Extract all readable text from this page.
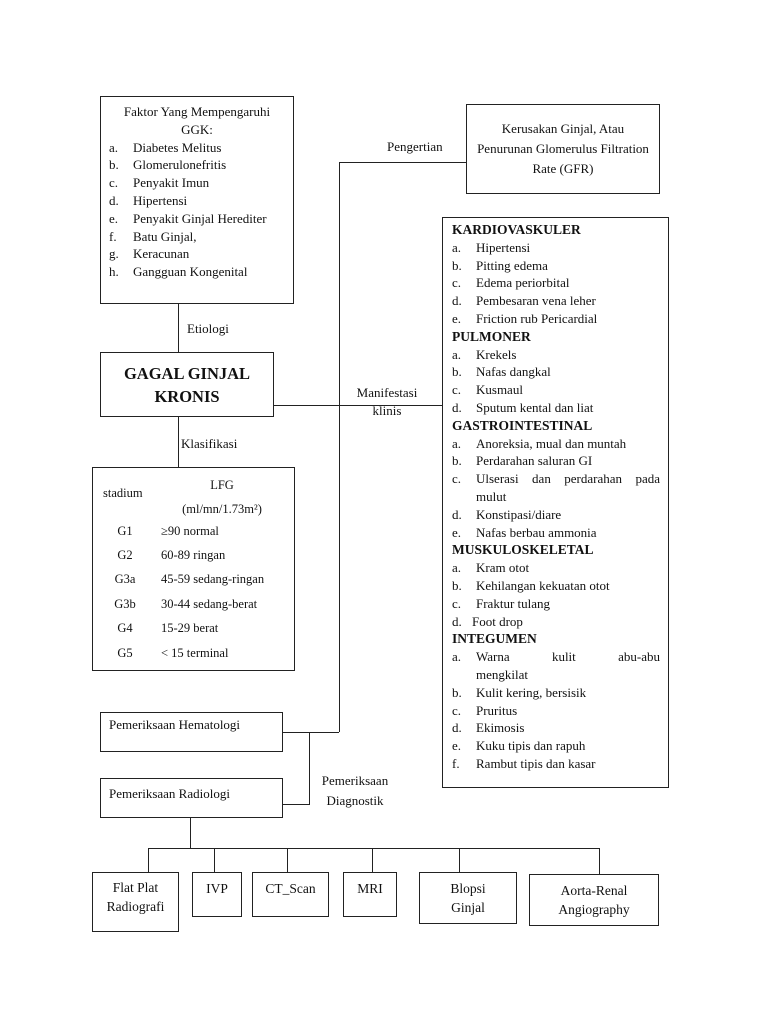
Faktor Yang Mempengaruhi GGK:
a.	Diabetes Melitus
b.	Glomerulonefritis
c.	Penyakit Imun
d.	Hipertensi
e.	Penyakit Ginjal Herediter
f.	Batu Ginjal,
g.	Keracunan
h.	Gangguan Kongenital
Kerusakan Ginjal, Atau Penurunan Glomerulus Filtration Rate (GFR)
Pengertian
Etiologi
Manifestasi
klinis
Klasifikasi
Pemeriksaan
Diagnostik
GAGAL GINJAL
KRONIS
stadium
LFG
(ml/mn/1.73m²)
G1	≥90 normal
G2	60-89 ringan
G3a	45-59 sedang-ringan
G3b	30-44 sedang-berat
G4	15-29 berat
G5	< 15 terminal
KARDIOVASKULER
a.	Hipertensi
b.	Pitting edema
c.	Edema periorbital
d.	Pembesaran vena leher
e.	Friction rub Pericardial
PULMONER
a.	Krekels
b.	Nafas dangkal
c.	Kusmaul
d.	Sputum kental dan liat
GASTROINTESTINAL
a.	Anoreksia, mual dan muntah
b.	Perdarahan saluran GI
c.	Ulserasi dan perdarahan pada mulut
d.	Konstipasi/diare
e.	Nafas berbau ammonia
MUSKULOSKELETAL
a.	Kram otot
b.	Kehilangan kekuatan otot
c.	Fraktur tulang
d. Foot drop
INTEGUMEN
a.	Warna kulit abu-abu
mengkilat
b.	Kulit kering, bersisik
c.	Pruritus
d.	Ekimosis
e.	Kuku tipis dan rapuh
f.	Rambut tipis dan kasar
Pemeriksaan Hematologi
Pemeriksaan Radiologi
Flat Plat
Radiografi
IVP	CT_Scan	MRI	Blopsi
Ginjal
Aorta-Renal
Angiography
